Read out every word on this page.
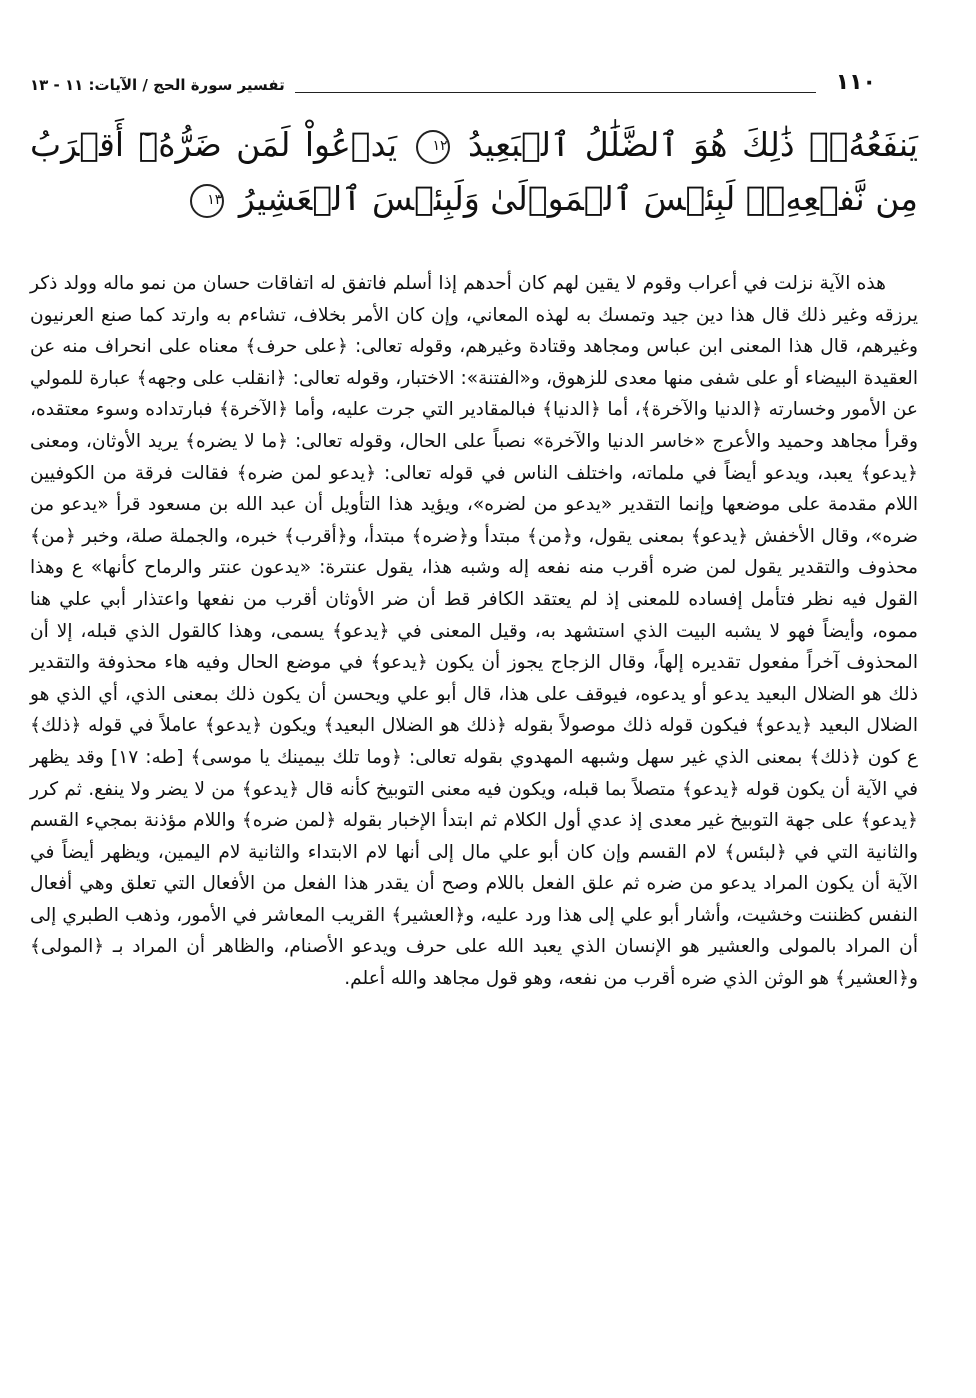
١١٠
تفسير سورة الحج / الآيات: ١١ - ١٣
يَنفَعُهُۥۚ ذَٰلِكَ هُوَ ٱلضَّلَٰلُ ٱلۡبَعِيدُ ١٢ يَدۡعُواْ لَمَن ضَرُّهُۥٓ أَقۡرَبُ مِن نَّفۡعِهِۦۚ لَبِئۡسَ ٱلۡمَوۡلَىٰ وَلَبِئۡسَ ٱلۡعَشِيرُ ١٣

هذه الآية نزلت في أعراب وقوم لا يقين لهم كان أحدهم إذا أسلم فاتفق له اتفاقات حسان من نمو ماله وولد ذكر يرزقه وغير ذلك قال هذا دين جيد وتمسك به لهذه المعاني، وإن كان الأمر بخلاف، تشاءم به وارتد كما صنع العرنيون وغيرهم، قال هذا المعنى ابن عباس ومجاهد وقتادة وغيرهم، وقوله تعالى: ﴿على حرف﴾ معناه على انحراف منه عن العقيدة البيضاء أو على شفى منها معدى للزهوق، و«الفتنة»: الاختبار، وقوله تعالى: ﴿انقلب على وجهه﴾ عبارة للمولي عن الأمور وخسارته ﴿الدنيا والآخرة﴾، أما ﴿الدنيا﴾ فبالمقادير التي جرت عليه، وأما ﴿الآخرة﴾ فبارتداده وسوء معتقده، وقرأ مجاهد وحميد والأعرج «خاسر الدنيا والآخرة» نصباً على الحال، وقوله تعالى: ﴿ما لا يضره﴾ يريد الأوثان، ومعنى ﴿يدعو﴾ يعبد، ويدعو أيضاً في ملماته، واختلف الناس في قوله تعالى: ﴿يدعو لمن ضره﴾ فقالت فرقة من الكوفيين اللام مقدمة على موضعها وإنما التقدير «يدعو من لضره»، ويؤيد هذا التأويل أن عبد الله بن مسعود قرأ «يدعو من ضره»، وقال الأخفش ﴿يدعو﴾ بمعنى يقول، و﴿من﴾ مبتدأ و﴿ضره﴾ مبتدأ، و﴿أقرب﴾ خبره، والجملة صلة، وخبر ﴿من﴾ محذوف والتقدير يقول لمن ضره أقرب منه نفعه إله وشبه هذا، يقول عنترة: «يدعون عنتر والرماح كأنها» ع وهذا القول فيه نظر فتأمل إفساده للمعنى إذ لم يعتقد الكافر قط أن ضر الأوثان أقرب من نفعها واعتذار أبي علي هنا مموه، وأيضاً فهو لا يشبه البيت الذي استشهد به، وقيل المعنى في ﴿يدعو﴾ يسمى، وهذا كالقول الذي قبله، إلا أن المحذوف آخراً مفعول تقديره إلهاً، وقال الزجاج يجوز أن يكون ﴿يدعو﴾ في موضع الحال وفيه هاء محذوفة والتقدير ذلك هو الضلال البعيد يدعو أو يدعوه، فيوقف على هذا، قال أبو علي ويحسن أن يكون ذلك بمعنى الذي، أي الذي هو الضلال البعيد ﴿يدعو﴾ فيكون قوله ذلك موصولاً بقوله ﴿ذلك هو الضلال البعيد﴾ ويكون ﴿يدعو﴾ عاملاً في قوله ﴿ذلك﴾ ع كون ﴿ذلك﴾ بمعنى الذي غير سهل وشبهه المهدوي بقوله تعالى: ﴿وما تلك بيمينك يا موسى﴾ [طه: ١٧] وقد يظهر في الآية أن يكون قوله ﴿يدعو﴾ متصلاً بما قبله، ويكون فيه معنى التوبيخ كأنه قال ﴿يدعو﴾ من لا يضر ولا ينفع. ثم كرر ﴿يدعو﴾ على جهة التوبيخ غير معدى إذ عدي أول الكلام ثم ابتدأ الإخبار بقوله ﴿لمن ضره﴾ واللام مؤذنة بمجيء القسم والثانية التي في ﴿لبئس﴾ لام القسم وإن كان أبو علي مال إلى أنها لام الابتداء والثانية لام اليمين، ويظهر أيضاً في الآية أن يكون المراد يدعو من ضره ثم علق الفعل باللام وصح أن يقدر هذا الفعل من الأفعال التي تعلق وهي أفعال النفس كظننت وخشيت، وأشار أبو علي إلى هذا ورد عليه، و﴿العشير﴾ القريب المعاشر في الأمور، وذهب الطبري إلى أن المراد بالمولى والعشير هو الإنسان الذي يعبد الله على حرف ويدعو الأصنام، والظاهر أن المراد بـ ﴿المولى﴾ و﴿العشير﴾ هو الوثن الذي ضره أقرب من نفعه، وهو قول مجاهد والله أعلم.
